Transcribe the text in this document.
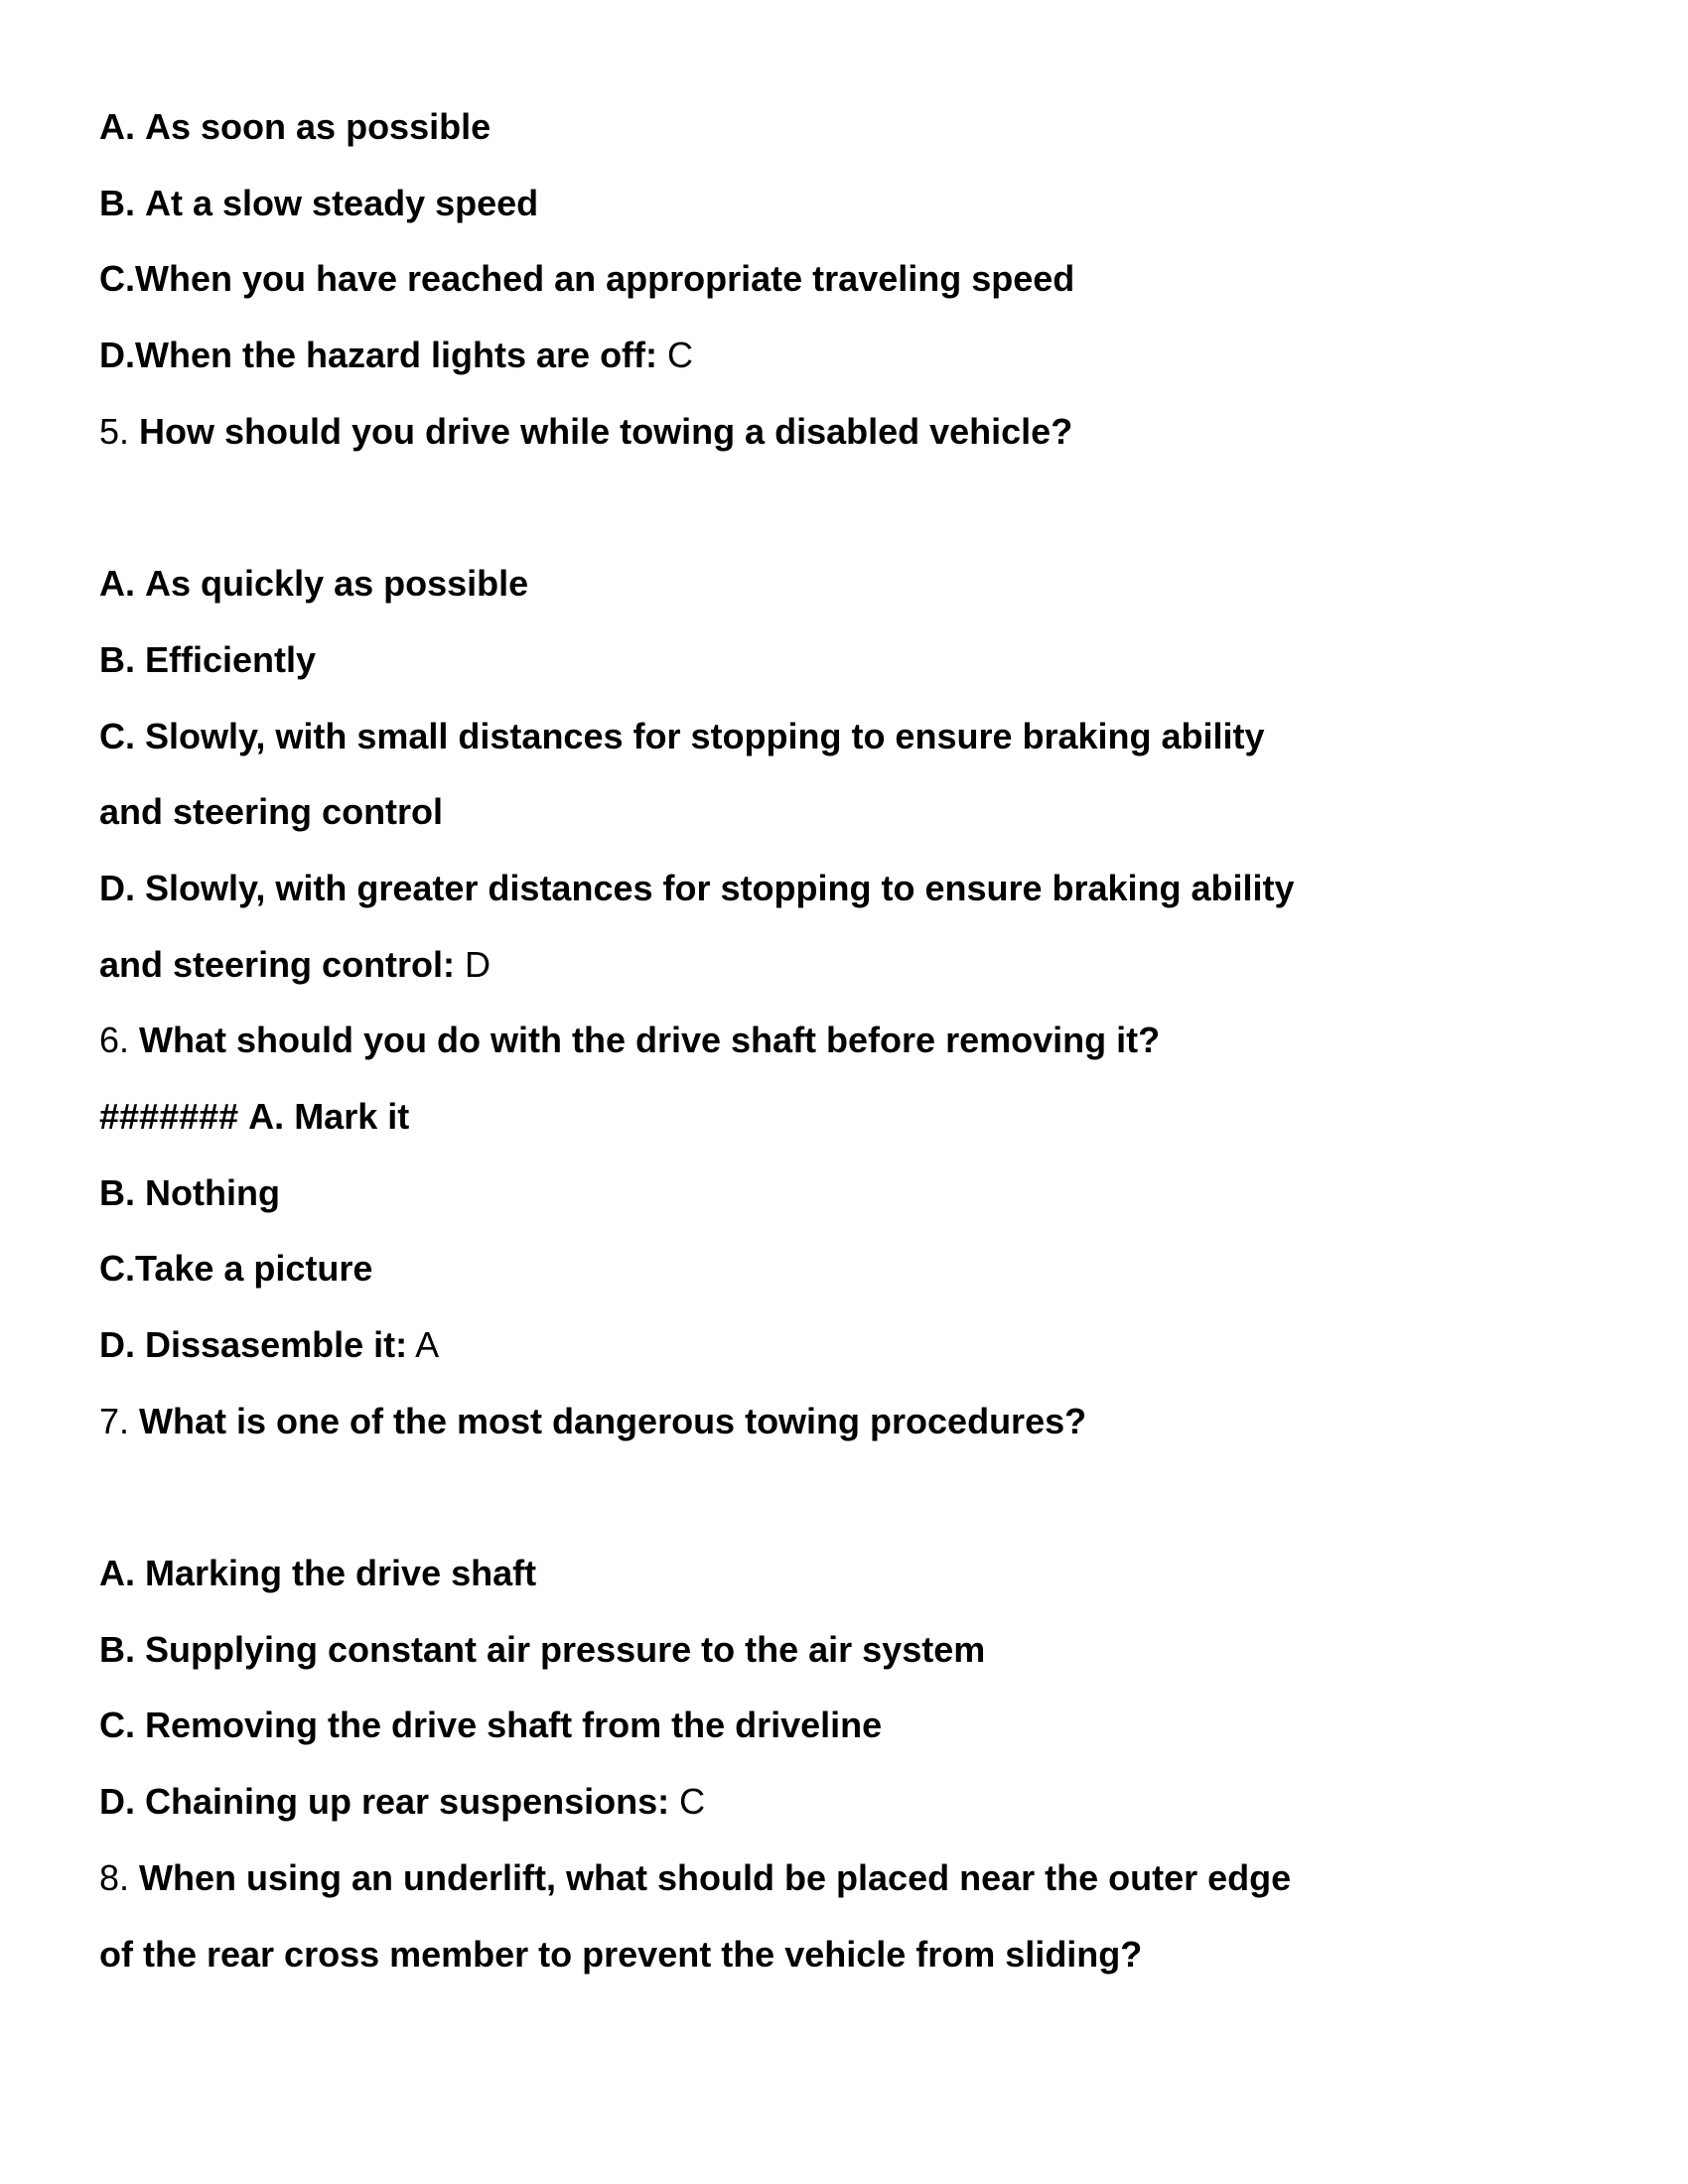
A. As soon as possible
B. At a slow steady speed
C.When you have reached an appropriate traveling speed
D.When the hazard lights are off: C
5. How should you drive while towing a disabled vehicle?
A. As quickly as possible
B. Efficiently
C. Slowly, with small distances for stopping to ensure braking ability
and steering control
D. Slowly, with greater distances for stopping to ensure braking ability
and steering control: D
6. What should you do with the drive shaft before removing it?
####### A. Mark it
B. Nothing
C.Take a picture
D. Dissasemble it: A
7. What is one of the most dangerous towing procedures?
A. Marking the drive shaft
B. Supplying constant air pressure to the air system
C. Removing the drive shaft from the driveline
D. Chaining up rear suspensions: C
8. When using an underlift, what should be placed near the outer edge
of the rear cross member to prevent the vehicle from sliding?
